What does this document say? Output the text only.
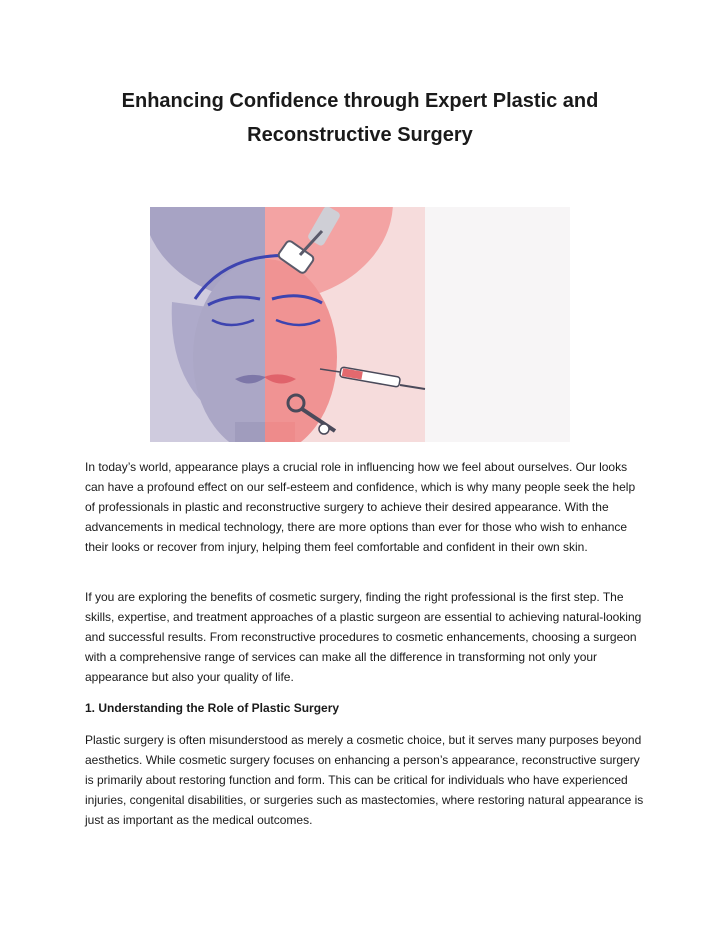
Enhancing Confidence through Expert Plastic and Reconstructive Surgery

In today’s world, appearance plays a crucial role in influencing how we feel about ourselves. Our looks can have a profound effect on our self-esteem and confidence, which is why many people seek the help of professionals in plastic and reconstructive surgery to achieve their desired appearance. With the advancements in medical technology, there are more options than ever for those who wish to enhance their looks or recover from injury, helping them feel comfortable and confident in their own skin.

If you are exploring the benefits of cosmetic surgery, finding the right professional is the first step. The skills, expertise, and treatment approaches of a plastic surgeon are essential to achieving natural-looking and successful results. From reconstructive procedures to cosmetic enhancements, choosing a surgeon with a comprehensive range of services can make all the difference in transforming not only your appearance but also your quality of life.

1. Understanding the Role of Plastic Surgery

Plastic surgery is often misunderstood as merely a cosmetic choice, but it serves many purposes beyond aesthetics. While cosmetic surgery focuses on enhancing a person’s appearance, reconstructive surgery is primarily about restoring function and form. This can be critical for individuals who have experienced injuries, congenital disabilities, or surgeries such as mastectomies, where restoring natural appearance is just as important as the medical outcomes.
